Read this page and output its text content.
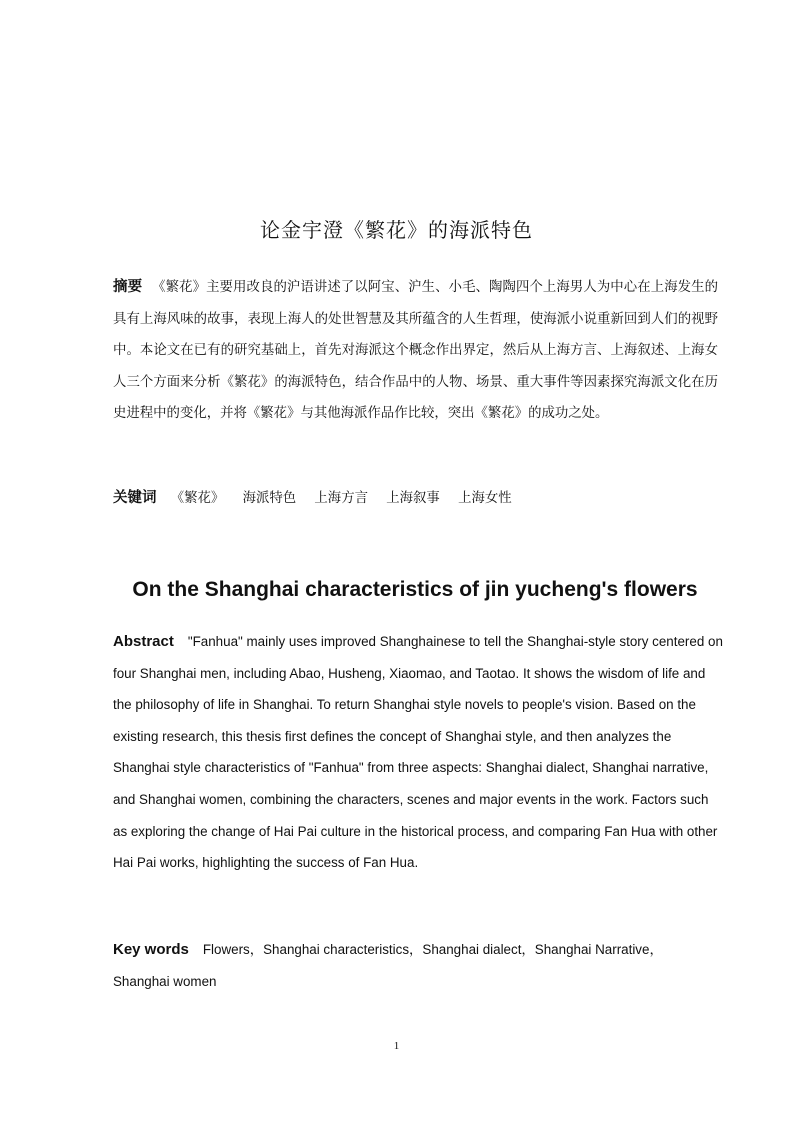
论金宇澄《繁花》的海派特色
摘要 《繁花》主要用改良的沪语讲述了以阿宝、沪生、小毛、陶陶四个上海男人为中心在上海发生的具有上海风味的故事，表现上海人的处世智慧及其所蕴含的人生哲理，使海派小说重新回到人们的视野中。本论文在已有的研究基础上，首先对海派这个概念作出界定，然后从上海方言、上海叙述、上海女人三个方面来分析《繁花》的海派特色，结合作品中的人物、场景、重大事件等因素探究海派文化在历史进程中的变化，并将《繁花》与其他海派作品作比较，突出《繁花》的成功之处。
关键词 《繁花》 海派特色 上海方言 上海叙事 上海女性
On the Shanghai characteristics of jin yucheng's flowers
Abstract "Fanhua" mainly uses improved Shanghainese to tell the Shanghai-style story centered on four Shanghai men, including Abao, Husheng, Xiaomao, and Taotao. It shows the wisdom of life and the philosophy of life in Shanghai. To return Shanghai style novels to people's vision. Based on the existing research, this thesis first defines the concept of Shanghai style, and then analyzes the Shanghai style characteristics of "Fanhua" from three aspects: Shanghai dialect, Shanghai narrative, and Shanghai women, combining the characters, scenes and major events in the work. Factors such as exploring the change of Hai Pai culture in the historical process, and comparing Fan Hua with other Hai Pai works, highlighting the success of Fan Hua.
Key words Flowers，Shanghai characteristics，Shanghai dialect，Shanghai Narrative，Shanghai women
1
